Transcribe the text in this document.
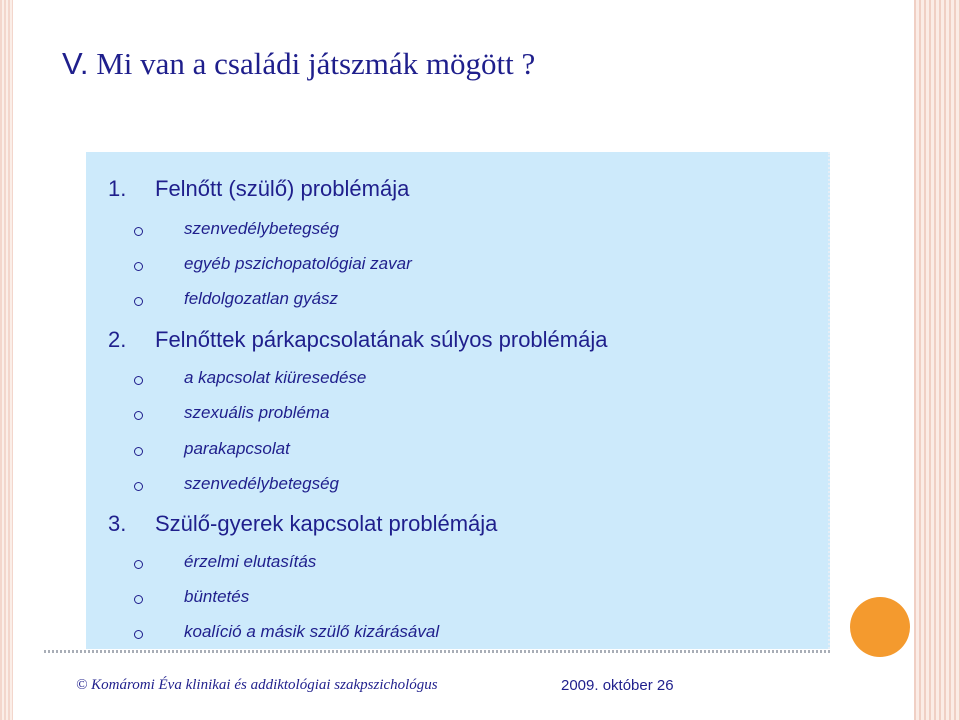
V. Mi van a családi játszmák mögött ?
1. Felnőtt (szülő) problémája
szenvedélybetegség
egyéb pszichopatológiai zavar
feldolgozatlan gyász
2. Felnőttek párkapcsolatának súlyos problémája
a kapcsolat kiüresedése
szexuális probléma
parakapcsolat
szenvedélybetegség
3. Szülő-gyerek kapcsolat problémája
érzelmi elutasítás
büntetés
koalíció a másik szülő kizárásával
© Komáromi Éva klinikai és addiktológiai szakpszichológus	2009. október 26
